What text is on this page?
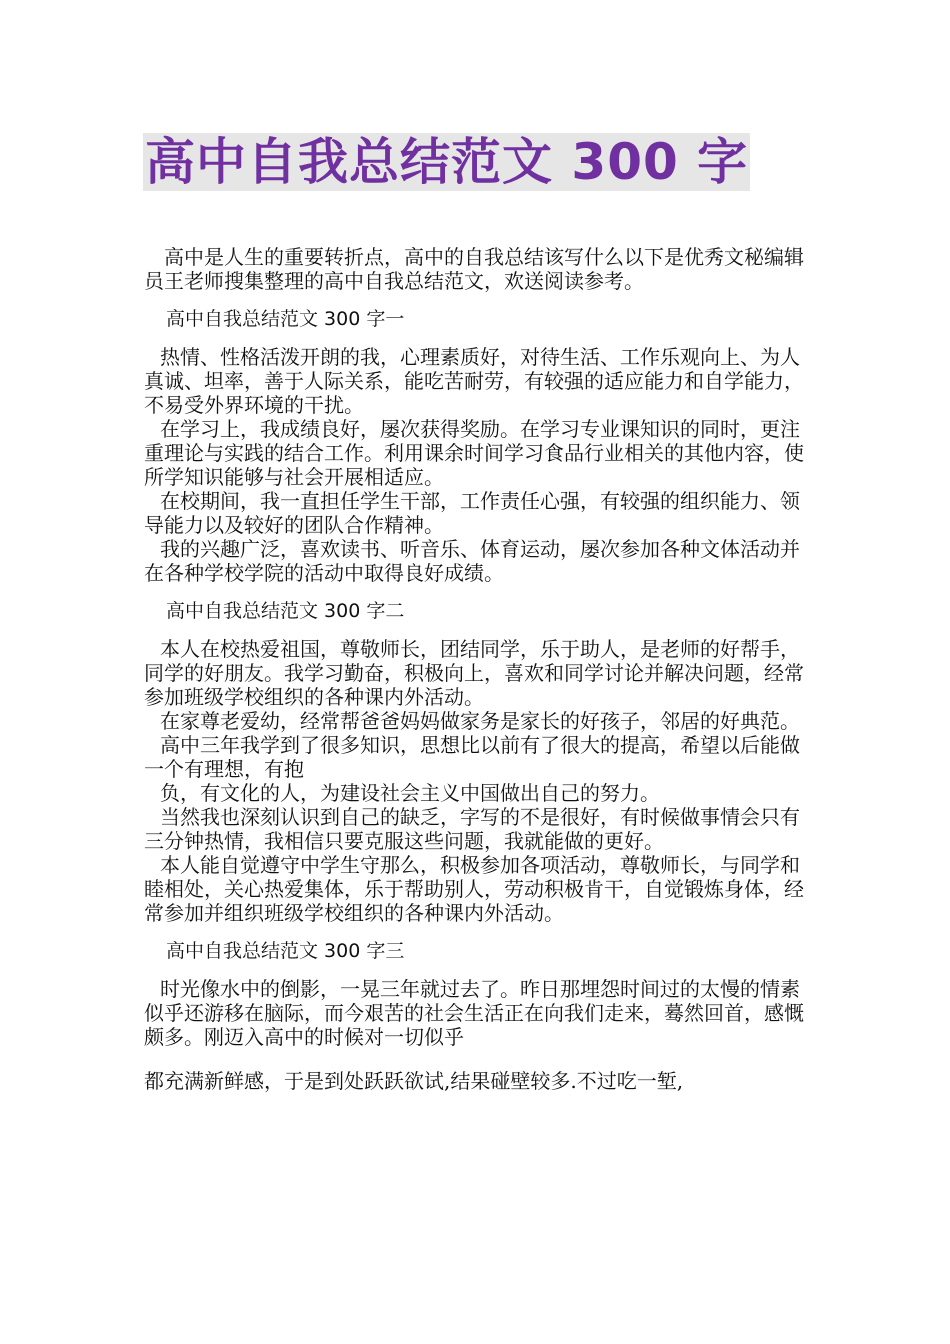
高中自我总结范文 300 字

高中是人生的重要转折点，高中的自我总结该写什么以下是优秀文秘编辑员王老师搜集整理的高中自我总结范文，欢送阅读参考。

高中自我总结范文 300 字一

热情、性格活泼开朗的我，心理素质好，对待生活、工作乐观向上、为人真诚、坦率，善于人际关系，能吃苦耐劳，有较强的适应能力和自学能力，不易受外界环境的干扰。

在学习上，我成绩良好，屡次获得奖励。在学习专业课知识的同时，更注重理论与实践的结合工作。利用课余时间学习食品行业相关的其他内容，使所学知识能够与社会开展相适应。

在校期间，我一直担任学生干部，工作责任心强，有较强的组织能力、领导能力以及较好的团队合作精神。

我的兴趣广泛，喜欢读书、听音乐、体育运动，屡次参加各种文体活动并在各种学校学院的活动中取得良好成绩。

高中自我总结范文 300 字二

本人在校热爱祖国，尊敬师长，团结同学，乐于助人，是老师的好帮手，同学的好朋友。我学习勤奋，积极向上，喜欢和同学讨论并解决问题，经常参加班级学校组织的各种课内外活动。

在家尊老爱幼，经常帮爸爸妈妈做家务是家长的好孩子，邻居的好典范。

高中三年我学到了很多知识，思想比以前有了很大的提高，希望以后能做一个有理想，有抱

负，有文化的人，为建设社会主义中国做出自己的努力。

当然我也深刻认识到自己的缺乏，字写的不是很好，有时候做事情会只有三分钟热情，我相信只要克服这些问题，我就能做的更好。

本人能自觉遵守中学生守那么，积极参加各项活动，尊敬师长，与同学和睦相处，关心热爱集体，乐于帮助别人，劳动积极肯干，自觉锻炼身体，经常参加并组织班级学校组织的各种课内外活动。

高中自我总结范文 300 字三

时光像水中的倒影，一晃三年就过去了。昨日那埋怨时间过的太慢的情素似乎还游移在脑际，而今艰苦的社会生活正在向我们走来，蓦然回首，感慨颇多。刚迈入高中的时候对一切似乎

都充满新鲜感，于是到处跃跃欲试,结果碰壁较多.不过吃一堑,
